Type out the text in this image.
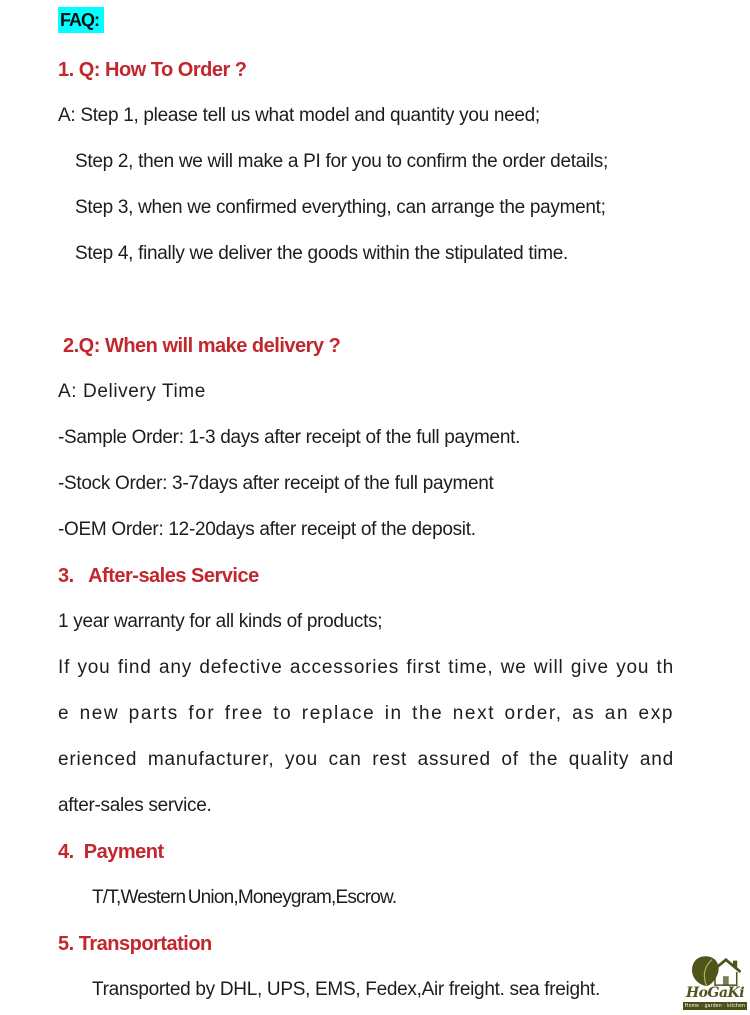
FAQ:
1. Q: How To Order ?
A: Step 1, please tell us what model and quantity you need;
Step 2, then we will make a PI for you to confirm the order details;
Step 3, when we confirmed everything, can arrange the payment;
Step 4, finally we deliver the goods within the stipulated time.
2.Q: When will make delivery ?
A: Delivery Time
-Sample Order: 1-3 days after receipt of the full payment.
-Stock Order: 3-7days after receipt of the full payment
-OEM Order: 12-20days after receipt of the deposit.
3.   After-sales Service
1 year warranty for all kinds of products;
If you find any defective accessories first time, we will give you th
e new parts for free to replace in the next order, as an exp
erienced manufacturer, you can rest assured of the quality and
after-sales service.
4.  Payment
T/T,Western Union,Moneygram,Escrow.
5. Transportation
Transported by DHL, UPS, EMS, Fedex,Air freight. sea freight.	HoGaKi
Home · garden · kitchen
